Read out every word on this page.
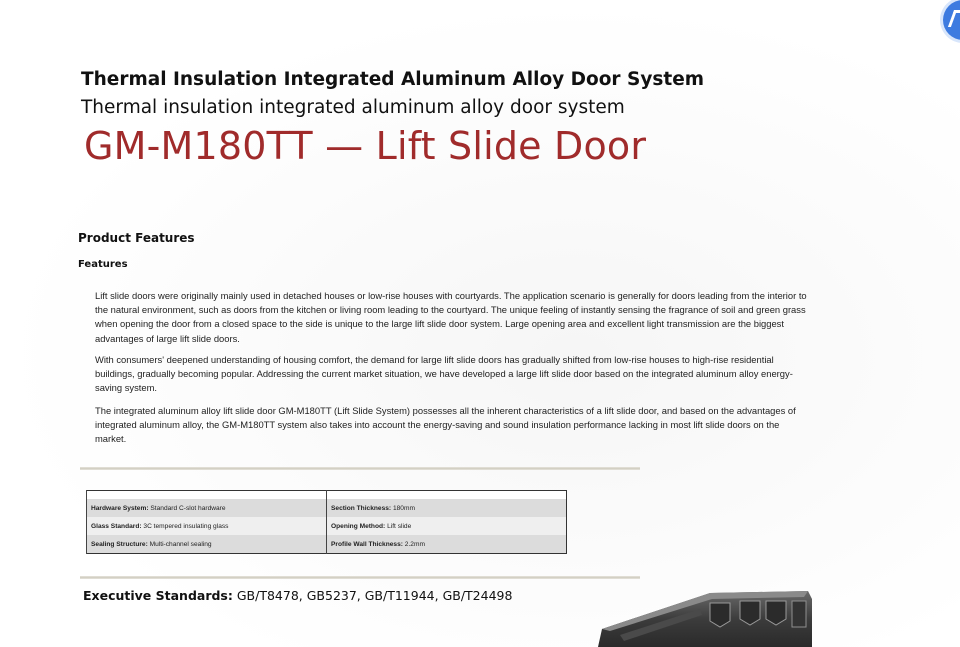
Thermal Insulation Integrated Aluminum Alloy Door System
Thermal insulation integrated aluminum alloy door system
GM-M180TT — Lift Slide Door
Product Features
Features

Lift slide doors were originally mainly used in detached houses or low-rise houses with courtyards. The application scenario is generally for doors leading from the interior to the natural environment, such as doors from the kitchen or living room leading to the courtyard. The unique feeling of instantly sensing the fragrance of soil and green grass when opening the door from a closed space to the side is unique to the large lift slide door system. Large opening area and excellent light transmission are the biggest advantages of large lift slide doors.

With consumers' deepened understanding of housing comfort, the demand for large lift slide doors has gradually shifted from low-rise houses to high-rise residential buildings, gradually becoming popular. Addressing the current market situation, we have developed a large lift slide door based on the integrated aluminum alloy energy-saving system.

The integrated aluminum alloy lift slide door GM-M180TT (Lift Slide System) possesses all the inherent characteristics of a lift slide door, and based on the advantages of integrated aluminum alloy, the GM-M180TT system also takes into account the energy-saving and sound insulation performance lacking in most lift slide doors on the market.

Hardware System: Standard C-slot hardware	Section Thickness: 180mm
Glass Standard: 3C tempered insulating glass	Opening Method: Lift slide
Sealing Structure: Multi-channel sealing	Profile Wall Thickness: 2.2mm

Executive Standards: GB/T8478, GB5237, GB/T11944, GB/T24498
